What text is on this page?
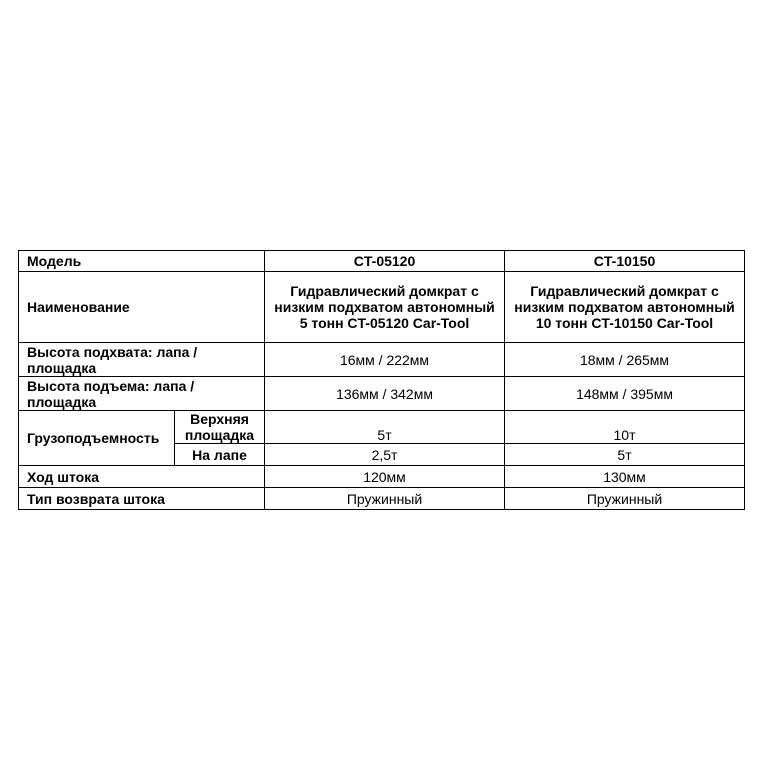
Модель		CT-05120	CT-10150
Наименование		Гидравлический домкрат с низким подхватом автономный 5 тонн CT-05120 Car-Tool	Гидравлический домкрат с низким подхватом автономный 10 тонн CT-10150 Car-Tool
Высота подхвата: лапа / площадка		16мм / 222мм	18мм / 265мм
Высота подъема: лапа / площадка		136мм / 342мм	148мм / 395мм
Грузоподъемность	Верхняя площадка	5т	10т
	На лапе	2,5т	5т
Ход штока		120мм	130мм
Тип возврата штока		Пружинный	Пружинный
